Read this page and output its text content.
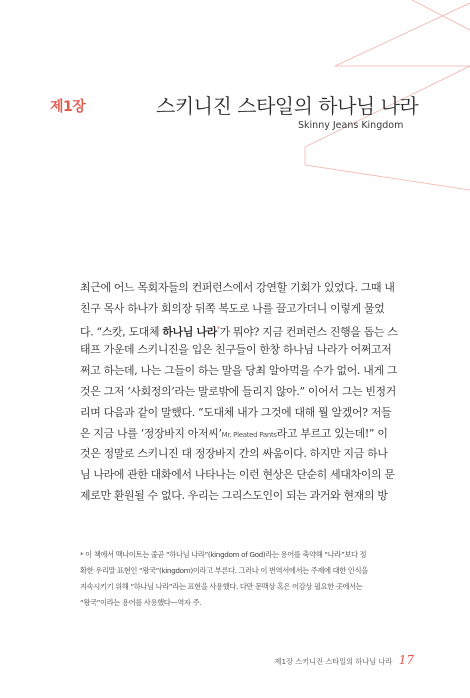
제1장	스키니진 스타일의 하나님 나라
Skinny Jeans Kingdom
최근에 어느 목회자들의 컨퍼런스에서 강연할 기회가 있었다. 그때 내
친구 목사 하나가 회의장 뒤쪽 복도로 나를 끌고가더니 이렇게 물었
다. “스캇, 도대체 하나님 나라*가 뭐야? 지금 컨퍼런스 진행을 돕는 스
태프 가운데 스키니진을 입은 친구들이 한창 하나님 나라가 어쩌고저
쩌고 하는데, 나는 그들이 하는 말을 당최 알아먹을 수가 없어. 내게 그
것은 그저 ‘사회정의’라는 말로밖에 들리지 않아.” 이어서 그는 빈정거
리며 다음과 같이 말했다. “도대체 내가 그것에 대해 뭘 알겠어? 저들
은 지금 나를 ‘정장바지 아저씨’Mr. Pleated Pants라고 부르고 있는데!” 이
것은 정말로 스키니진 대 정장바지 간의 싸움이다. 하지만 지금 하나
님 나라에 관한 대화에서 나타나는 이런 현상은 단순히 세대차이의 문
제로만 환원될 수 없다. 우리는 그리스도인이 되는 과거와 현재의 방
* 이 책에서 맥나이트는 줄곧 “하나님 나라”(kingdom of God)라는 용어를 축약해 “나라”보다 정
확한 우리말 표현인 “왕국”(kingdom)이라고 부른다. 그러나 이 번역서에서는 주제에 대한 인식을
지속시키기 위해 “하나님 나라”라는 표현을 사용했다. 다만 문맥상 혹은 어감상 필요한 곳에서는
“왕국”이라는 용어를 사용했다—역자 주.
제1장 스키니진 스타일의 하나님 나라 17
